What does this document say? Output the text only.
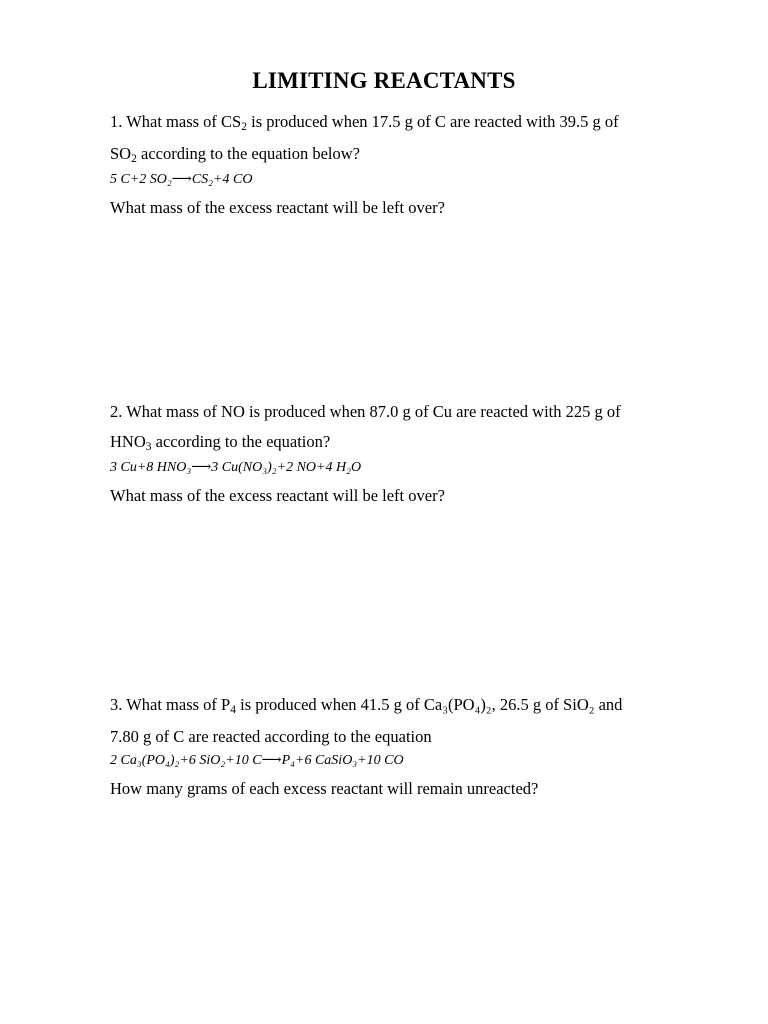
LIMITING REACTANTS
1. What mass of $CS_2$ is produced when 17.5 g of C are reacted with 39.5 g of
$SO_2$ according to the equation below?
5 C+2 SO₂⟶CS₂+4 CO
What mass of the excess reactant will be left over?
2. What mass of NO is produced when 87.0 g of Cu are reacted with 225 g of
$HNO_3$ according to the equation?
3 Cu+8 HNO₃⟶3 Cu(NO₃)₂+2 NO+4 H₂O
What mass of the excess reactant will be left over?
3. What mass of $P_4$ is produced when 41.5 g of Ca₃(PO₄)₂, 26.5 g of SiO₂ and
7.80 g of C are reacted according to the equation
2 Ca₃(PO₄)₂+6 SiO₂+10 C⟶P₄+6 CaSiO₃+10 CO
How many grams of each excess reactant will remain unreacted?
